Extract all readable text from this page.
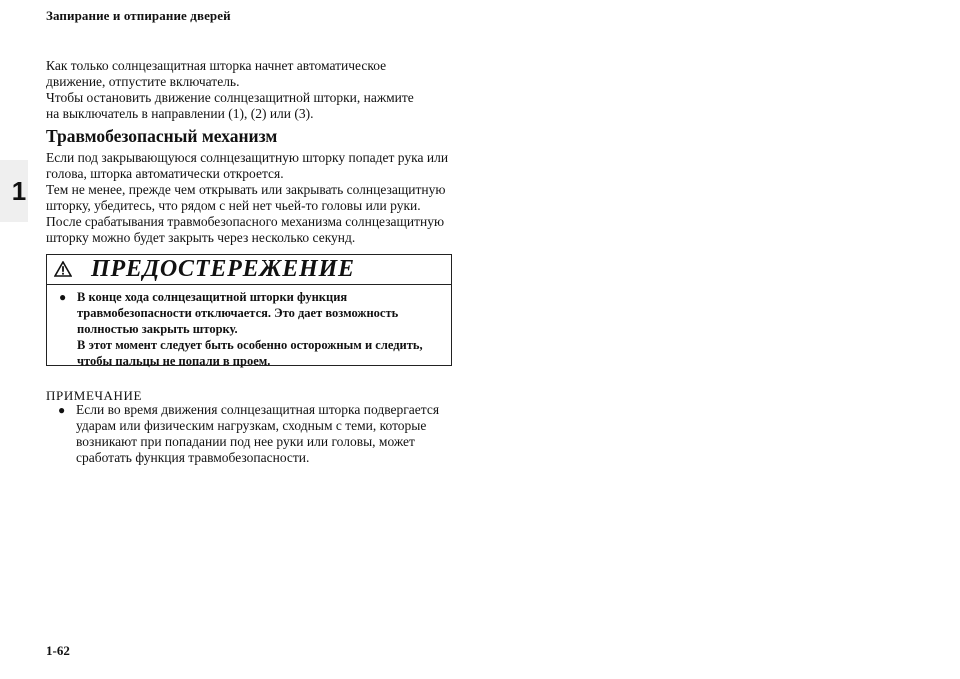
Запирание и отпирание дверей
1

Как только солнцезащитная шторка начнет автоматическое
движение, отпустите включатель.
Чтобы остановить движение солнцезащитной шторки, нажмите
на выключатель в направлении (1), (2) или (3).

Травмобезопасный механизм

Если под закрывающуюся солнцезащитную шторку попадет рука или
голова, шторка автоматически откроется.
Тем не менее, прежде чем открывать или закрывать солнцезащитную
шторку, убедитесь, что рядом с ней нет чьей-то головы или руки.
После срабатывания травмобезопасного механизма солнцезащитную
шторку можно будет закрыть через несколько секунд.

ПРЕДОСТЕРЕЖЕНИЕ
● В конце хода солнцезащитной шторки функция
травмобезопасности отключается. Это дает возможность
полностью закрыть шторку.
В этот момент следует быть особенно осторожным и следить,
чтобы пальцы не попали в проем.
ПРИМЕЧАНИЕ
● Если во время движения солнцезащитная шторка подвергается
ударам или физическим нагрузкам, сходным с теми, которые
возникают при попадании под нее руки или головы, может
сработать функция травмобезопасности.
1-62
